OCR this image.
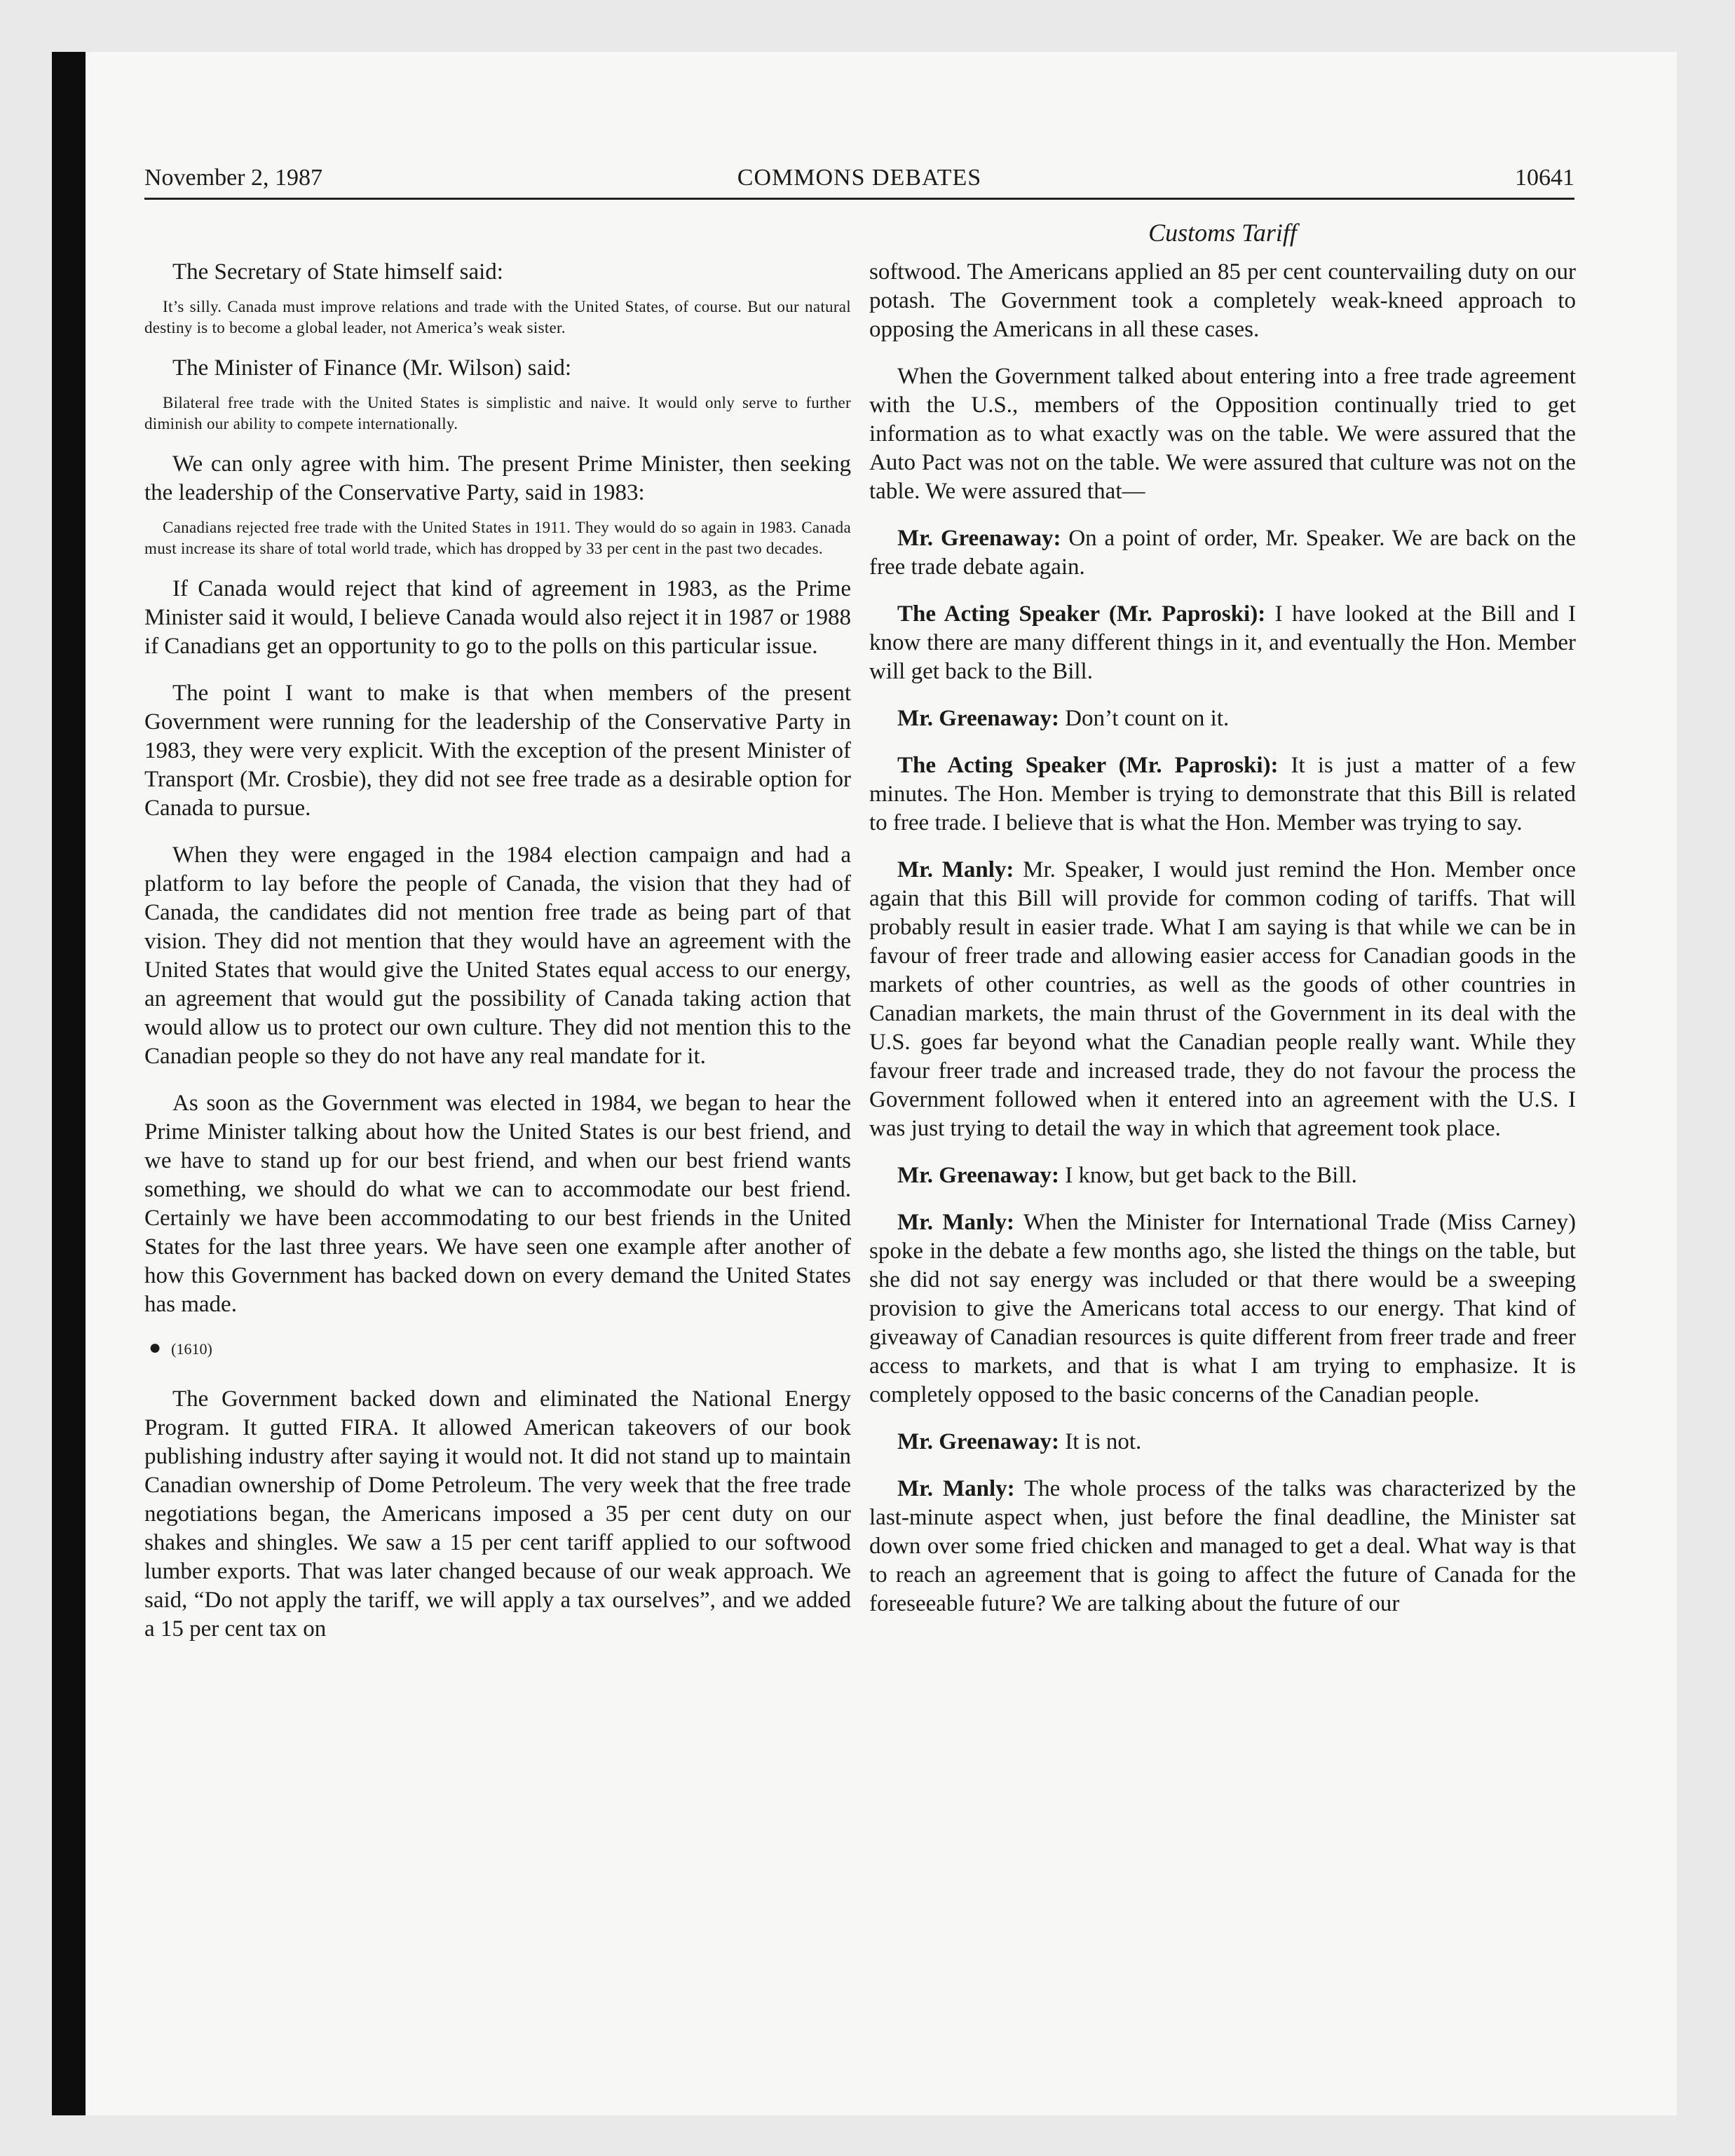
COMMONS DEBATES
November 2, 1987	10641

The Secretary of State himself said:

It’s silly. Canada must improve relations and trade with the United States, of course. But our natural destiny is to become a global leader, not America’s weak sister.

The Minister of Finance (Mr. Wilson) said:

Bilateral free trade with the United States is simplistic and naive. It would only serve to further diminish our ability to compete internationally.

We can only agree with him. The present Prime Minister, then seeking the leadership of the Conservative Party, said in 1983:

Canadians rejected free trade with the United States in 1911. They would do so again in 1983. Canada must increase its share of total world trade, which has dropped by 33 per cent in the past two decades.

If Canada would reject that kind of agreement in 1983, as the Prime Minister said it would, I believe Canada would also reject it in 1987 or 1988 if Canadians get an opportunity to go to the polls on this particular issue.

The point I want to make is that when members of the present Government were running for the leadership of the Conservative Party in 1983, they were very explicit. With the exception of the present Minister of Transport (Mr. Crosbie), they did not see free trade as a desirable option for Canada to pursue.

When they were engaged in the 1984 election campaign and had a platform to lay before the people of Canada, the vision that they had of Canada, the candidates did not mention free trade as being part of that vision. They did not mention that they would have an agreement with the United States that would give the United States equal access to our energy, an agreement that would gut the possibility of Canada taking action that would allow us to protect our own culture. They did not mention this to the Canadian people so they do not have any real mandate for it.

As soon as the Government was elected in 1984, we began to hear the Prime Minister talking about how the United States is our best friend, and we have to stand up for our best friend, and when our best friend wants something, we should do what we can to accommodate our best friend. Certainly we have been accommodating to our best friends in the United States for the last three years. We have seen one example after another of how this Government has backed down on every demand the United States has made.

● (1610)

The Government backed down and eliminated the National Energy Program. It gutted FIRA. It allowed American takeovers of our book publishing industry after saying it would not. It did not stand up to maintain Canadian ownership of Dome Petroleum. The very week that the free trade negotiations began, the Americans imposed a 35 per cent duty on our shakes and shingles. We saw a 15 per cent tariff applied to our softwood lumber exports. That was later changed because of our weak approach. We said, “Do not apply the tariff, we will apply a tax ourselves”, and we added a 15 per cent tax on

Customs Tariff

softwood. The Americans applied an 85 per cent countervailing duty on our potash. The Government took a completely weak-kneed approach to opposing the Americans in all these cases.

When the Government talked about entering into a free trade agreement with the U.S., members of the Opposition continually tried to get information as to what exactly was on the table. We were assured that the Auto Pact was not on the table. We were assured that culture was not on the table. We were assured that—

Mr. Greenaway: On a point of order, Mr. Speaker. We are back on the free trade debate again.

The Acting Speaker (Mr. Paproski): I have looked at the Bill and I know there are many different things in it, and eventually the Hon. Member will get back to the Bill.

Mr. Greenaway: Don’t count on it.

The Acting Speaker (Mr. Paproski): It is just a matter of a few minutes. The Hon. Member is trying to demonstrate that this Bill is related to free trade. I believe that is what the Hon. Member was trying to say.

Mr. Manly: Mr. Speaker, I would just remind the Hon. Member once again that this Bill will provide for common coding of tariffs. That will probably result in easier trade. What I am saying is that while we can be in favour of freer trade and allowing easier access for Canadian goods in the markets of other countries, as well as the goods of other countries in Canadian markets, the main thrust of the Government in its deal with the U.S. goes far beyond what the Canadian people really want. While they favour freer trade and increased trade, they do not favour the process the Government followed when it entered into an agreement with the U.S. I was just trying to detail the way in which that agreement took place.

Mr. Greenaway: I know, but get back to the Bill.

Mr. Manly: When the Minister for International Trade (Miss Carney) spoke in the debate a few months ago, she listed the things on the table, but she did not say energy was included or that there would be a sweeping provision to give the Americans total access to our energy. That kind of giveaway of Canadian resources is quite different from freer trade and freer access to markets, and that is what I am trying to emphasize. It is completely opposed to the basic concerns of the Canadian people.

Mr. Greenaway: It is not.

Mr. Manly: The whole process of the talks was characterized by the last-minute aspect when, just before the final deadline, the Minister sat down over some fried chicken and managed to get a deal. What way is that to reach an agreement that is going to affect the future of Canada for the foreseeable future? We are talking about the future of our
